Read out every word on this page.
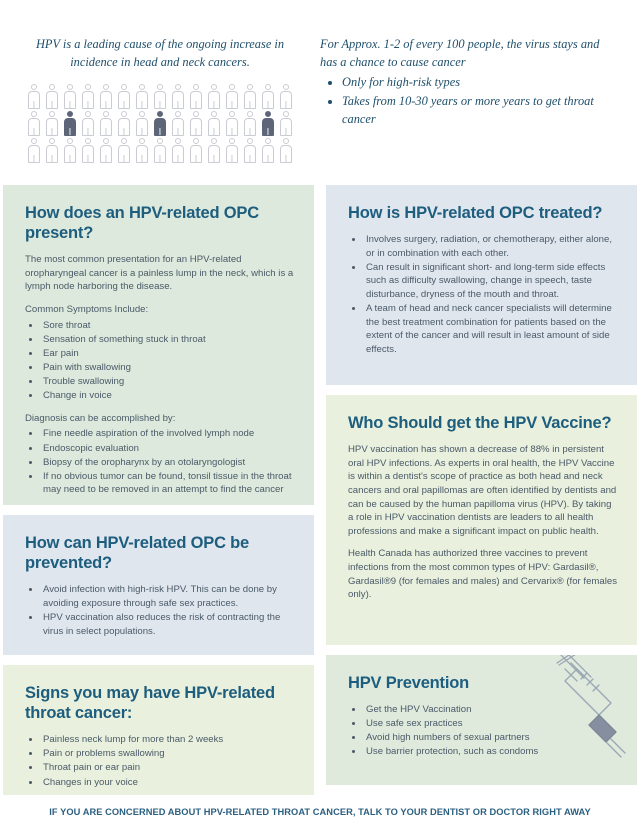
HPV is a leading cause of the ongoing increase in incidence in head and neck cancers.
For Approx. 1-2 of every 100 people, the virus stays and has a chance to cause cancer
• Only for high-risk types
• Takes from 10-30 years or more years to get throat cancer
How does an HPV-related OPC present?

The most common presentation for an HPV-related oropharyngeal cancer is a painless lump in the neck, which is a lymph node harboring the disease.

Common Symptoms Include:

• Sore throat
• Sensation of something stuck in throat
• Ear pain
• Pain with swallowing
• Trouble swallowing
• Change in voice

Diagnosis can be accomplished by:

• Fine needle aspiration of the involved lymph node
• Endoscopic evaluation
• Biopsy of the oropharynx by an otolaryngologist
• If no obvious tumor can be found, tonsil tissue in the throat may need to be removed in an attempt to find the cancer
How can HPV-related OPC be prevented?
• Avoid infection with high-risk HPV. This can be done by avoiding exposure through safe sex practices.
• HPV vaccination also reduces the risk of contracting the virus in select populations.
Signs you may have HPV-related throat cancer:
• Painless neck lump for more than 2 weeks
• Pain or problems swallowing
• Throat pain or ear pain
• Changes in your voice
How is HPV-related OPC treated?
• Involves surgery, radiation, or chemotherapy, either alone, or in combination with each other.
• Can result in significant short- and long-term side effects such as difficulty swallowing, change in speech, taste disturbance, dryness of the mouth and throat.
• A team of head and neck cancer specialists will determine the best treatment combination for patients based on the extent of the cancer and will result in least amount of side effects.
Who Should get the HPV Vaccine?

HPV vaccination has shown a decrease of 88% in persistent oral HPV infections. As experts in oral health, the HPV Vaccine is within a dentist's scope of practice as both head and neck cancers and oral papillomas are often identified by dentists and can be caused by the human papilloma virus (HPV). By taking a role in HPV vaccination dentists are leaders to all health professions and make a significant impact on public health.

Health Canada has authorized three vaccines to prevent infections from the most common types of HPV: Gardasil®, Gardasil®9 (for females and males) and Cervarix® (for females only).

HPV Prevention
• Get the HPV Vaccination
• Use safe sex practices
• Avoid high numbers of sexual partners
• Use barrier protection, such as condoms
IF YOU ARE CONCERNED ABOUT HPV-RELATED THROAT CANCER, TALK TO YOUR DENTIST OR DOCTOR RIGHT AWAY
